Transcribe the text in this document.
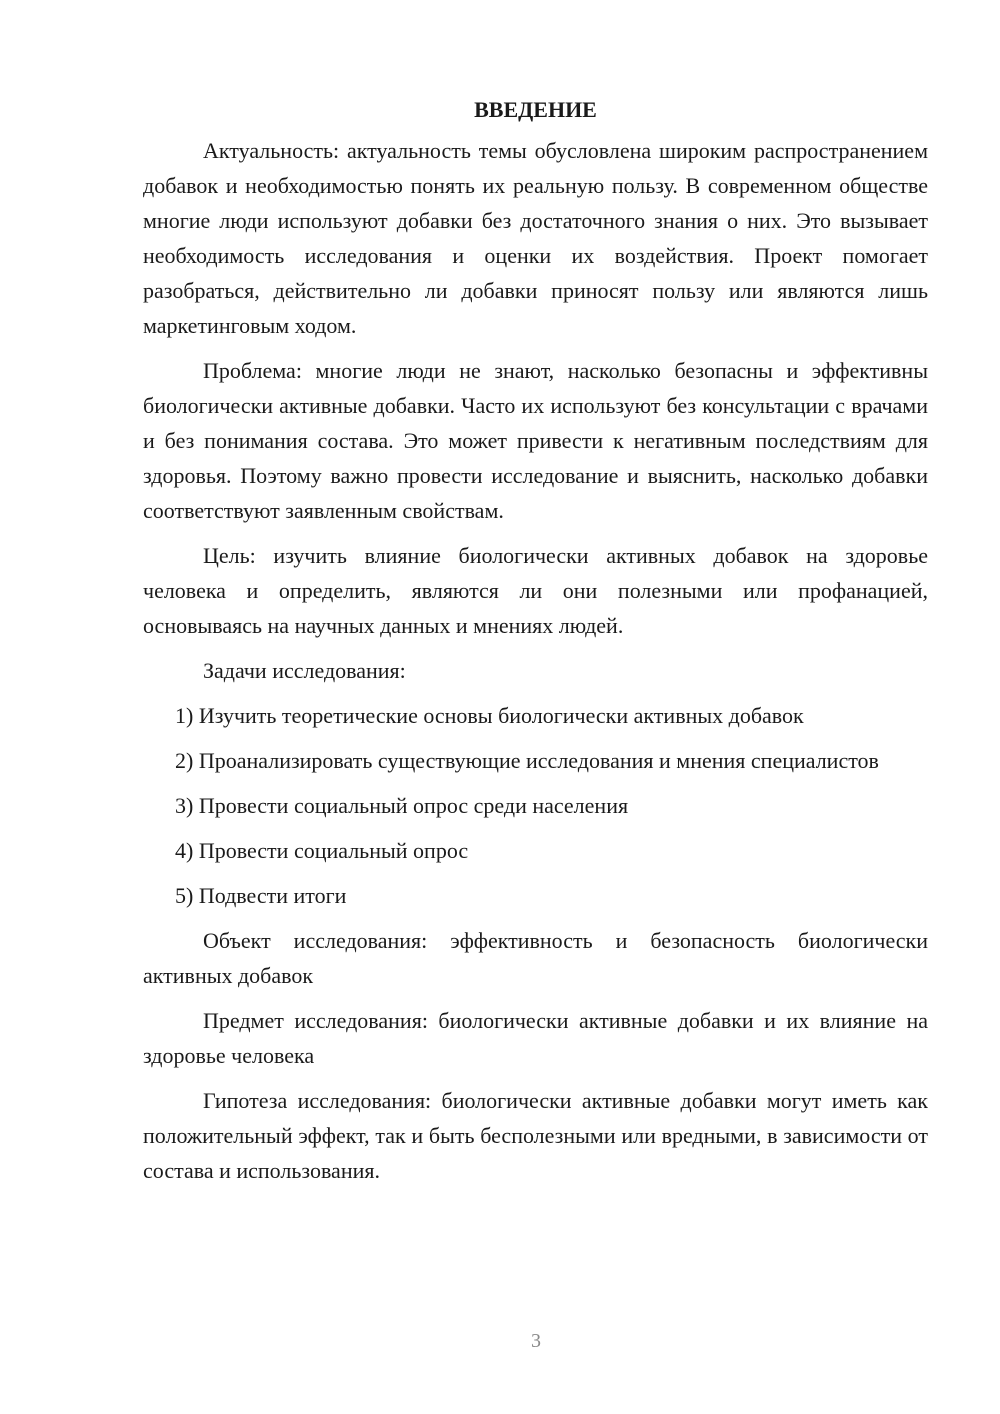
ВВЕДЕНИЕ

Актуальность: актуальность темы обусловлена широким распространением добавок и необходимостью понять их реальную пользу. В современном обществе многие люди используют добавки без достаточного знания о них. Это вызывает необходимость исследования и оценки их воздействия. Проект помогает разобраться, действительно ли добавки приносят пользу или являются лишь маркетинговым ходом.

Проблема: многие люди не знают, насколько безопасны и эффективны биологически активные добавки. Часто их используют без консультации с врачами и без понимания состава. Это может привести к негативным последствиям для здоровья. Поэтому важно провести исследование и выяснить, насколько добавки соответствуют заявленным свойствам.

Цель: изучить влияние биологически активных добавок на здоровье человека и определить, являются ли они полезными или профанацией, основываясь на научных данных и мнениях людей.

Задачи исследования:

1) Изучить теоретические основы биологически активных добавок

2) Проанализировать существующие исследования и мнения специалистов

3) Провести социальный опрос среди населения

4) Провести социальный опрос

5) Подвести итоги

Объект исследования: эффективность и безопасность биологически активных добавок

Предмет исследования: биологически активные добавки и их влияние на здоровье человека

Гипотеза исследования: биологически активные добавки могут иметь как положительный эффект, так и быть бесполезными или вредными, в зависимости от состава и использования.

3
